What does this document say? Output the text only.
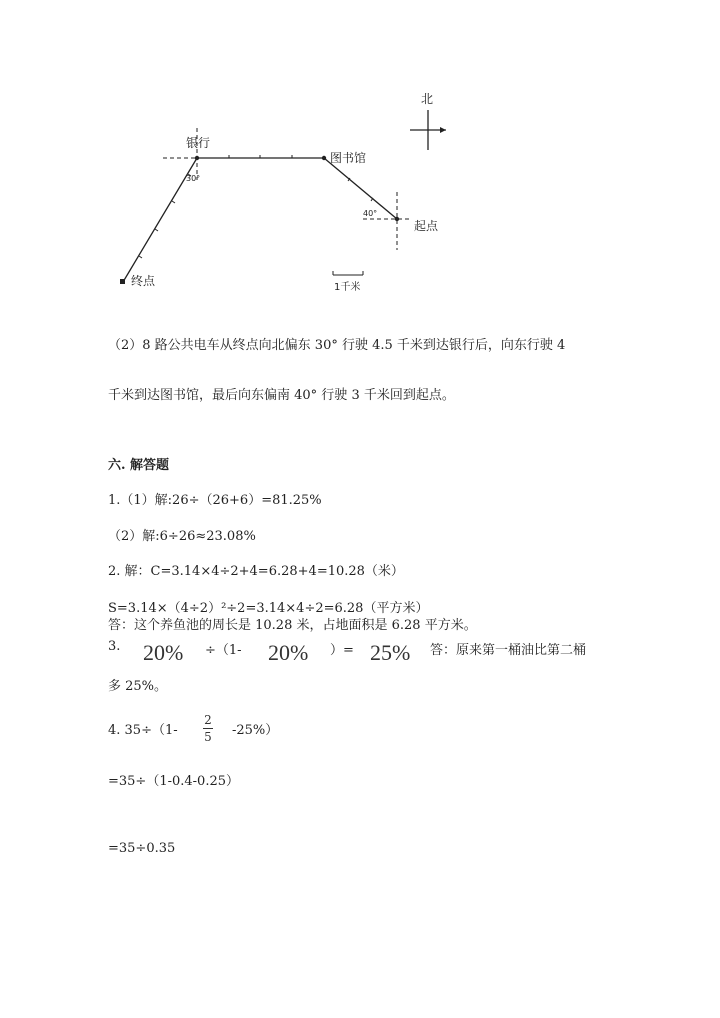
北
银行
图书馆
起点
终点
30°
40°
1千米
（2）8 路公共电车从终点向北偏东 30° 行驶 4.5 千米到达银行后，向东行驶 4
千米到达图书馆，最后向东偏南 40° 行驶 3 千米回到起点。
六. 解答题
1.（1）解:26÷（26+6）=81.25%
（2）解:6÷26≈23.08%
2. 解：C=3.14×4÷2+4=6.28+4=10.28（米）
S=3.14×（4÷2）²÷2=3.14×4÷2=6.28（平方米）
答：这个养鱼池的周长是 10.28 米，占地面积是 6.28 平方米。
3. 20% ÷（1- 20% ）= 25% 答：原来第一桶油比第二桶
多 25%。
4. 35÷（1-
2
5 -25%）
=35÷（1-0.4-0.25）
=35÷0.35
